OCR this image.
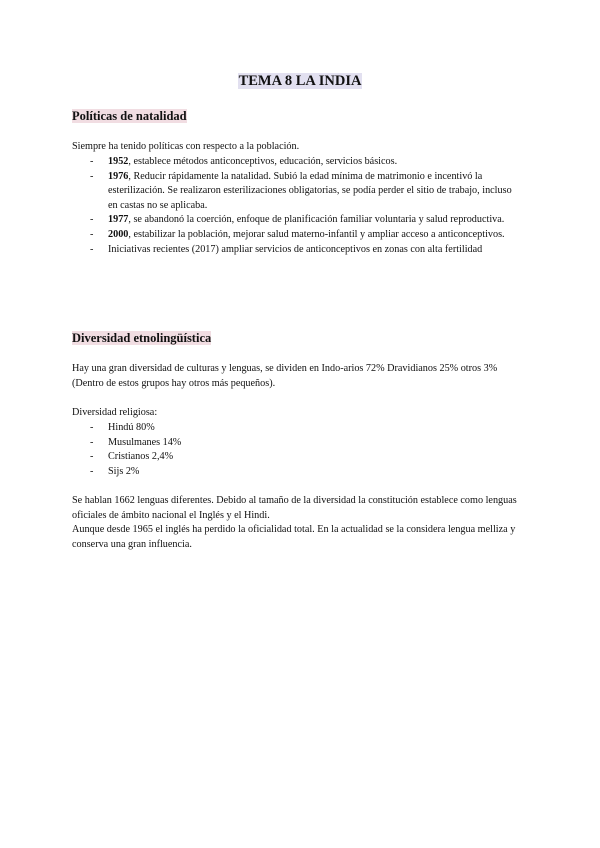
TEMA 8 LA INDIA
Políticas de natalidad
Siempre ha tenido políticas con respecto a la población.
- 1952, establece métodos anticonceptivos, educación, servicios básicos.
- 1976, Reducir rápidamente la natalidad. Subió la edad mínima de matrimonio e incentivó la esterilización. Se realizaron esterilizaciones obligatorias, se podía perder el sitio de trabajo, incluso en castas no se aplicaba.
- 1977, se abandonó la coerción, enfoque de planificación familiar voluntaria y salud reproductiva.
- 2000, estabilizar la población, mejorar salud materno-infantil y ampliar acceso a anticonceptivos.
- Iniciativas recientes (2017) ampliar servicios de anticonceptivos en zonas con alta fertilidad
Diversidad etnolingüística
Hay una gran diversidad de culturas y lenguas, se dividen en Indo-arios 72% Dravidianos 25% otros 3% (Dentro de estos grupos hay otros más pequeños).
Diversidad religiosa:
- Hindú 80%
- Musulmanes 14%
- Cristianos 2,4%
- Sijs 2%
Se hablan 1662 lenguas diferentes. Debido al tamaño de la diversidad la constitución establece como lenguas oficiales de ámbito nacional el Inglés y el Hindi.
Aunque desde 1965 el inglés ha perdido la oficialidad total. En la actualidad se la considera lengua melliza y conserva una gran influencia.
